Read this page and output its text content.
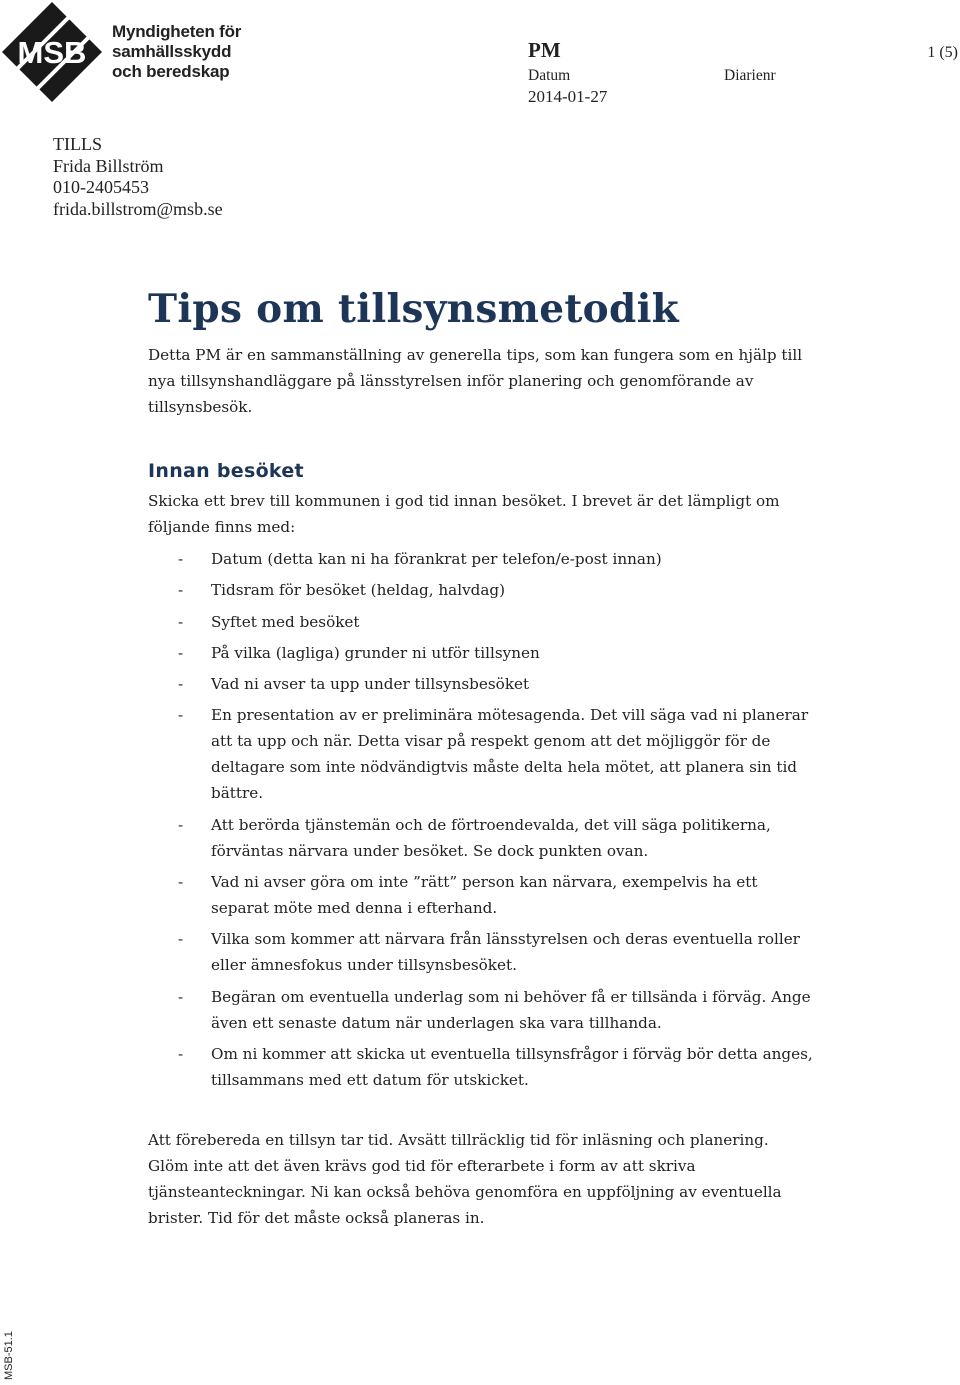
MSB
Myndigheten för
samhällsskydd
och beredskap
PM	1 (5)
Datum	Diarienr
2014-01-27
TILLS
Frida Billström
010-2405453
frida.billstrom@msb.se
Tips om tillsynsmetodik

Detta PM är en sammanställning av generella tips, som kan fungera som en hjälp till nya tillsynshandläggare på länsstyrelsen inför planering och genomförande av tillsynsbesök.

Innan besöket

Skicka ett brev till kommunen i god tid innan besöket. I brevet är det lämpligt om följande finns med:

- Datum (detta kan ni ha förankrat per telefon/e-post innan)
- Tidsram för besöket (heldag, halvdag)
- Syftet med besöket
- På vilka (lagliga) grunder ni utför tillsynen
- Vad ni avser ta upp under tillsynsbesöket
- En presentation av er preliminära mötesagenda. Det vill säga vad ni planerar att ta upp och när. Detta visar på respekt genom att det möjliggör för de deltagare som inte nödvändigtvis måste delta hela mötet, att planera sin tid bättre.
- Att berörda tjänstemän och de förtroendevalda, det vill säga politikerna, förväntas närvara under besöket. Se dock punkten ovan.
- Vad ni avser göra om inte ”rätt” person kan närvara, exempelvis ha ett separat möte med denna i efterhand.
- Vilka som kommer att närvara från länsstyrelsen och deras eventuella roller eller ämnesfokus under tillsynsbesöket.
- Begäran om eventuella underlag som ni behöver få er tillsända i förväg. Ange även ett senaste datum när underlagen ska vara tillhanda.
- Om ni kommer att skicka ut eventuella tillsynsfrågor i förväg bör detta anges, tillsammans med ett datum för utskicket.

Att förebereda en tillsyn tar tid. Avsätt tillräcklig tid för inläsning och planering. Glöm inte att det även krävs god tid för efterarbete i form av att skriva tjänsteanteckningar. Ni kan också behöva genomföra en uppföljning av eventuella brister. Tid för det måste också planeras in.

MSB-51.1
